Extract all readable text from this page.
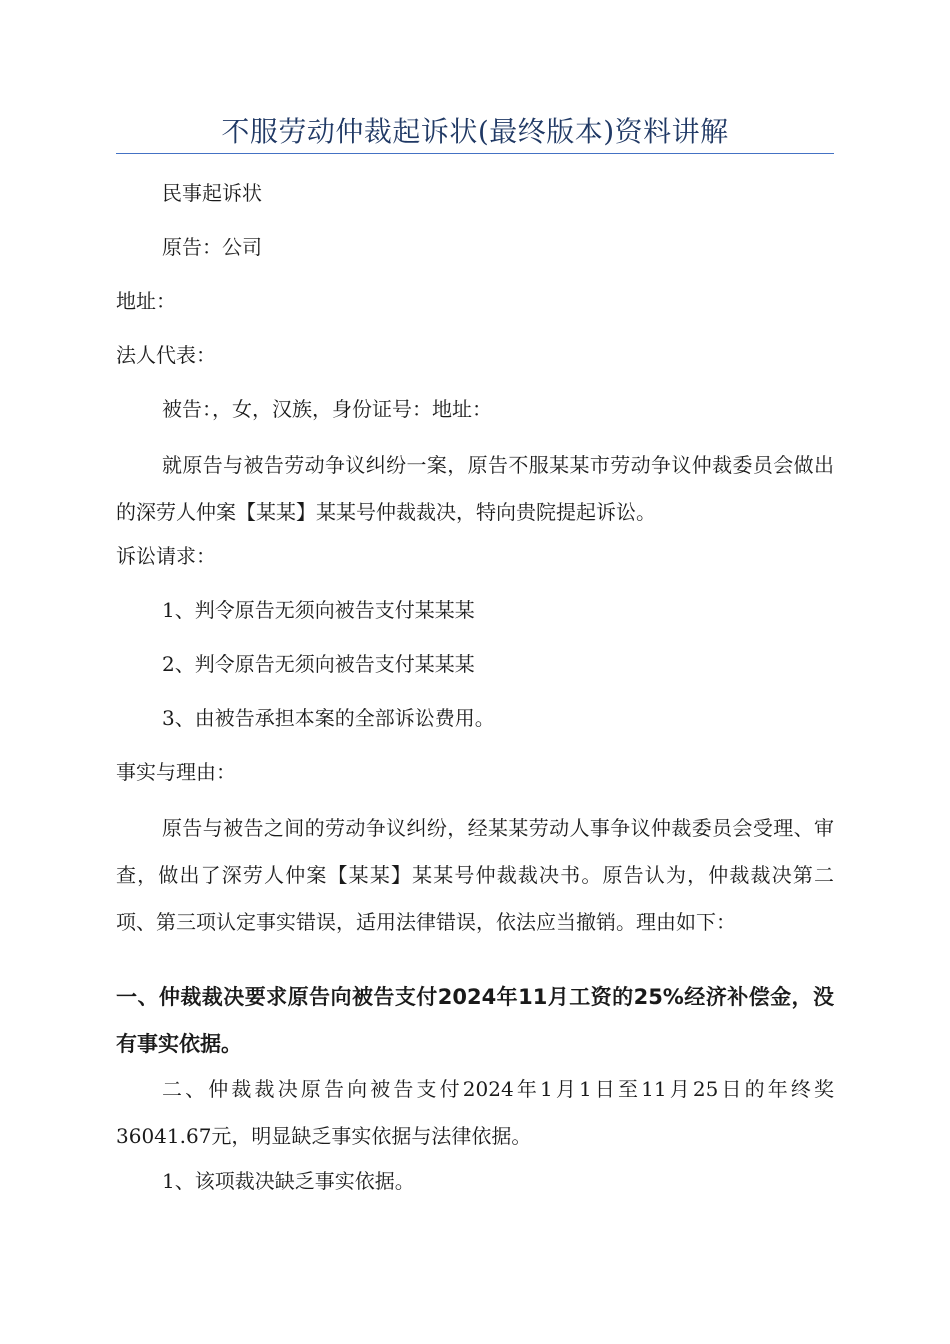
不服劳动仲裁起诉状(最终版本)资料讲解

民事起诉状

原告：公司

地址：

法人代表：

被告：，女，汉族，身份证号：地址：

就原告与被告劳动争议纠纷一案，原告不服某某市劳动争议仲裁委员会做出的深劳人仲案【某某】某某号仲裁裁决，特向贵院提起诉讼。

诉讼请求：

1、判令原告无须向被告支付某某某

2、判令原告无须向被告支付某某某

3、由被告承担本案的全部诉讼费用。

事实与理由：

原告与被告之间的劳动争议纠纷，经某某劳动人事争议仲裁委员会受理、审查，做出了深劳人仲案【某某】某某号仲裁裁决书。原告认为，仲裁裁决第二项、第三项认定事实错误，适用法律错误，依法应当撤销。理由如下：

一、仲裁裁决要求原告向被告支付2024年11月工资的25%经济补偿金，没有事实依据。

二、仲裁裁决原告向被告支付2024年1月1日至11月25日的年终奖36041.67元，明显缺乏事实依据与法律依据。

1、该项裁决缺乏事实依据。
